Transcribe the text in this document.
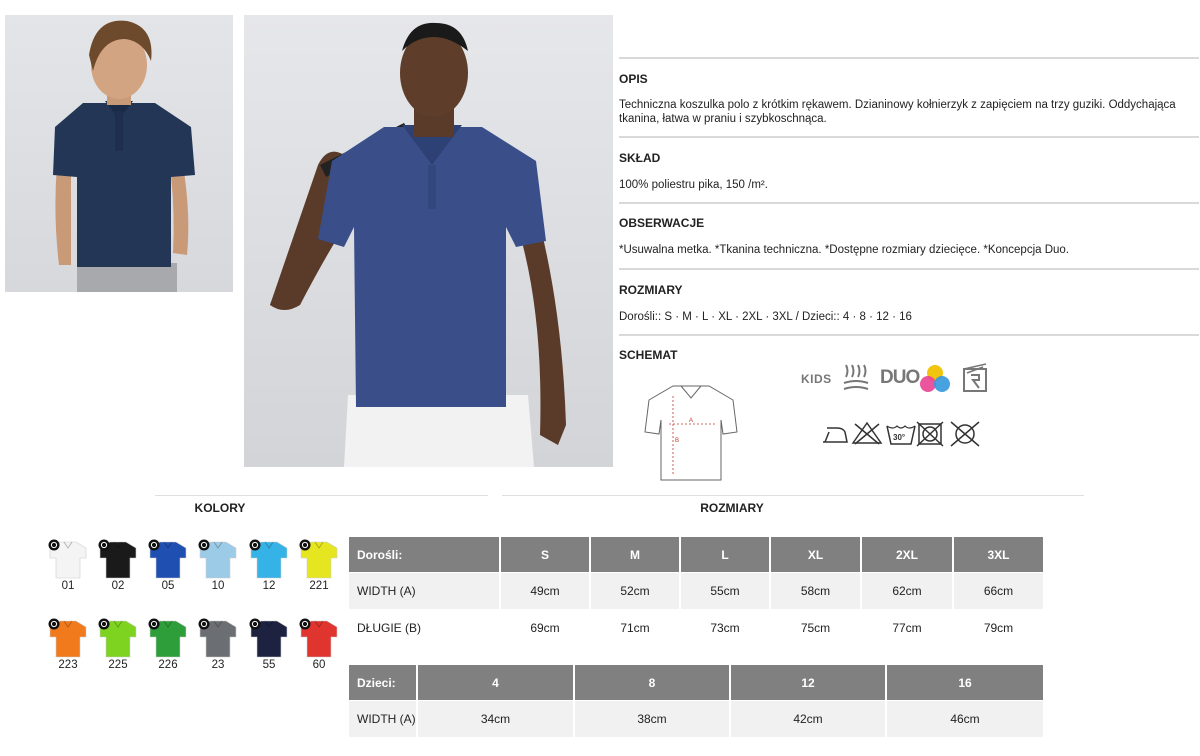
OPIS
Techniczna koszulka polo z krótkim rękawem. Dzianinowy kołnierzyk z zapięciem na trzy guziki. Oddychająca tkanina, łatwa w praniu i szybkoschnąca.
SKŁAD
100% poliestru pika, 150 /m².
OBSERWACJE
*Usuwalna metka. *Tkanina techniczna. *Dostępne rozmiary dziecięce. *Koncepcja Duo.
ROZMIARY
Dorośli:: S · M · L · XL · 2XL · 3XL / Dzieci:: 4 · 8 · 12 · 16
SCHEMAT
A
B
KIDS	DUO
30°
KOLORY	ROZMIARY
01	02	05	10	12	221
223	225	226	23	55	60
Dorośli:	S	M	L	XL	2XL	3XL
WIDTH (A)	49cm	52cm	55cm	58cm	62cm	66cm
DŁUGIE (B)	69cm	71cm	73cm	75cm	77cm	79cm
Dzieci:	4	8	12	16
WIDTH (A)	34cm	38cm	42cm	46cm
